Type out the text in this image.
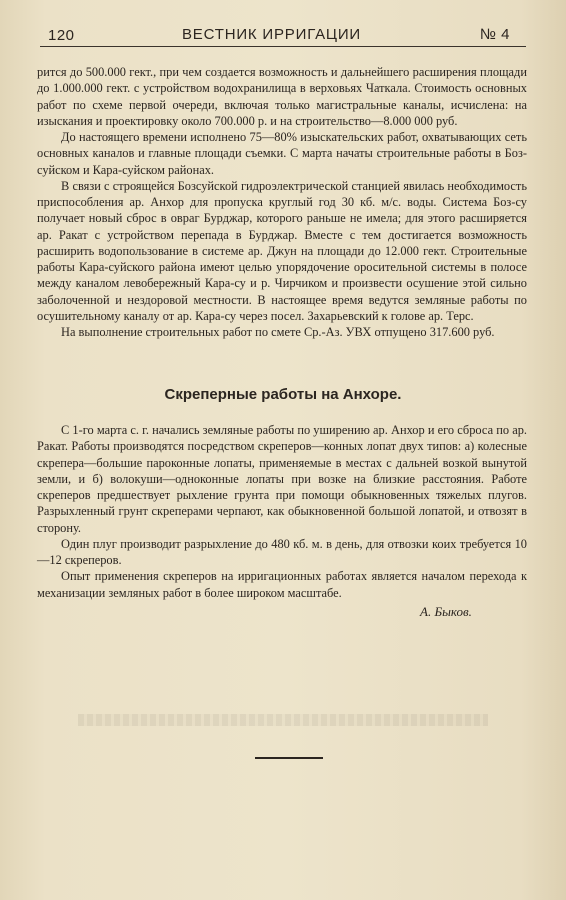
120	ВЕСТНИК ИРРИГАЦИИ	№ 4

рится до 500.000 гект., при чем создается возможность и дальнейшего расширения площади до 1.000.000 гект. с устройством водохранилища в верховьях Чаткала. Стоимость основных работ по схеме первой очереди, включая только магистральные каналы, исчислена: на изыскания и проектировку около 700.000 р. и на строительство—8.000 000 руб.

До настоящего времени исполнено 75—80% изыскательских работ, охватывающих сеть основных каналов и главные площади съемки. С марта начаты строительные работы в Боз-суйском и Кара-суйском районах.

В связи с строящейся Бозсуйской гидроэлектрической станцией явилась необходимость приспособления ар. Анхор для пропуска круглый год 30 кб. м/с. воды. Система Боз-су получает новый сброс в овраг Бурджар, которого раньше не имела; для этого расширяется ар. Ракат с устройством перепада в Бурджар. Вместе с тем достигается возможность расширить водопользование в системе ар. Джун на площади до 12.000 гект. Строительные работы Кара-суйского района имеют целью упорядочение оросительной системы в полосе между каналом левобережный Кара-су и р. Чирчиком и произвести осушение этой сильно заболоченной и нездоровой местности. В настоящее время ведутся земляные работы по осушительному каналу от ар. Кара-су через посел. Захарьевский к голове ар. Терс.

На выполнение строительных работ по смете Ср.-Аз. УВХ отпущено 317.600 руб.

Скреперные работы на Анхоре.

С 1-го марта с. г. начались земляные работы по уширению ар. Анхор и его сброса по ар. Ракат. Работы производятся посредством скреперов—конных лопат двух типов: а) колесные скрепера—большие пароконные лопаты, применяемые в местах с дальней возкой вынутой земли, и б) волокуши—одноконные лопаты при возке на близкие расстояния. Работе скреперов предшествует рыхление грунта при помощи обыкновенных тяжелых плугов. Разрыхленный грунт скреперами черпают, как обыкновенной большой лопатой, и отвозят в сторону.

Один плуг производит разрыхление до 480 кб. м. в день, для отвозки коих требуется 10—12 скреперов.

Опыт применения скреперов на ирригационных работах является началом перехода к механизации земляных работ в более широком масштабе.

А. Быков.
